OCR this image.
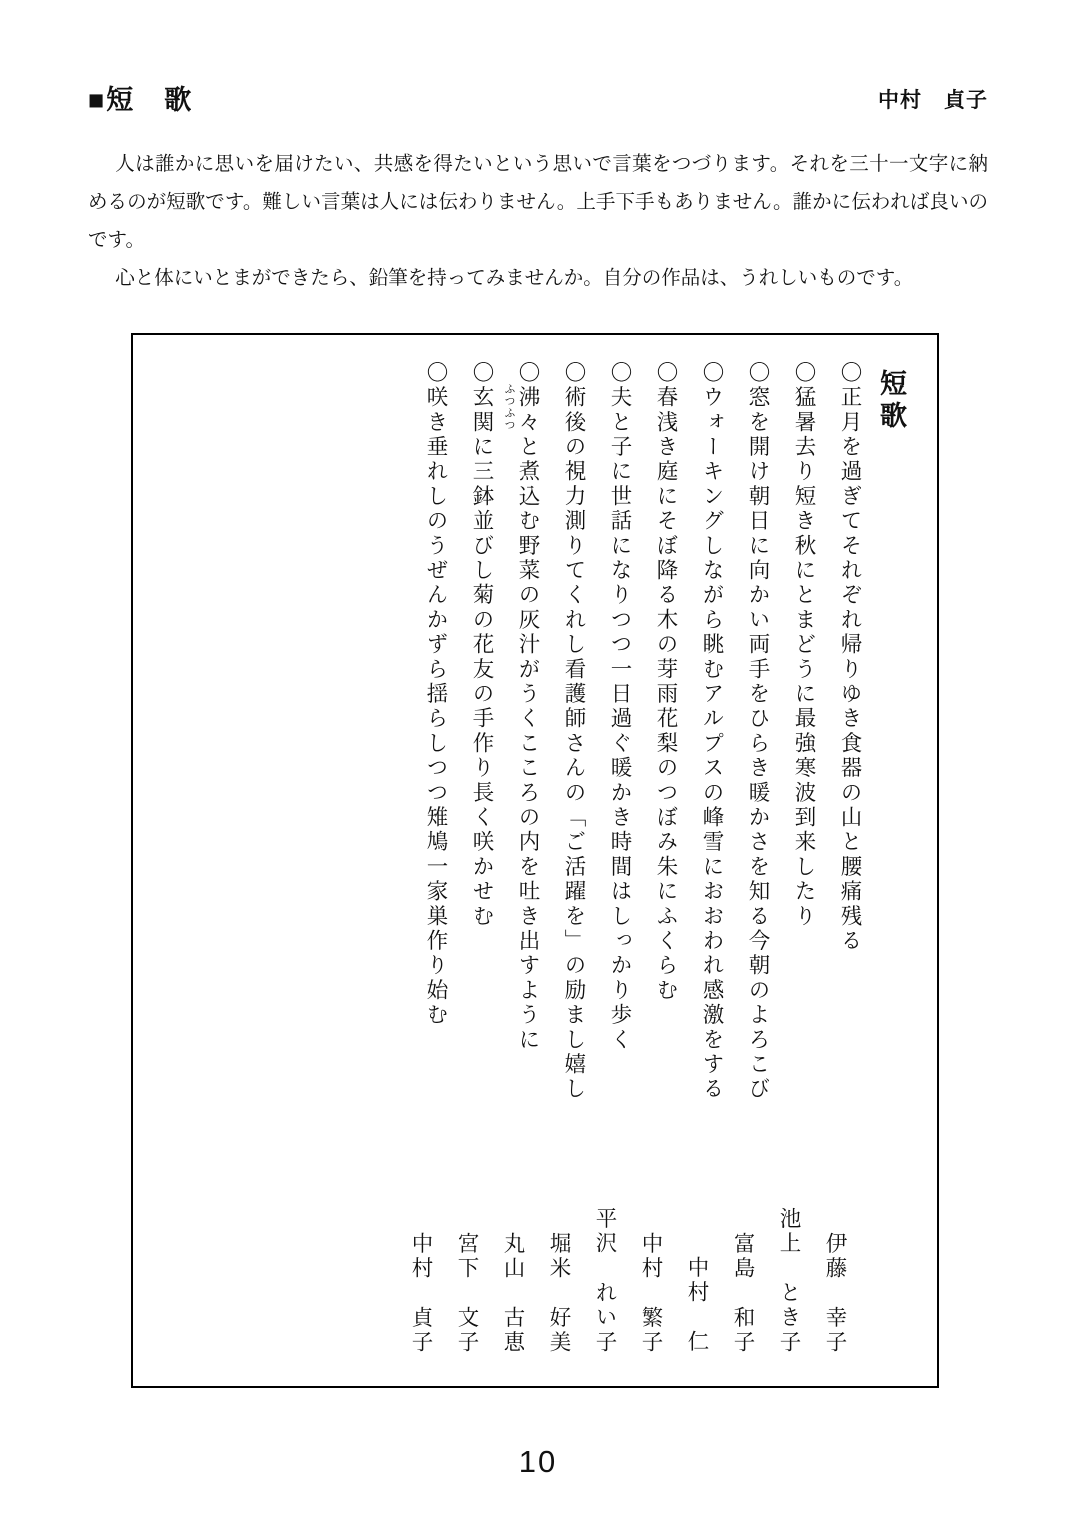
■短　歌	中村　貞子

人は誰かに思いを届けたい、共感を得たいという思いで言葉をつづります。それを三十一文字に納めるのが短歌です。難しい言葉は人には伝わりません。上手下手もありません。誰かに伝われば良いのです。

心と体にいとまができたら、鉛筆を持ってみませんか。自分の作品は、うれしいものです。

短歌
〇正月を過ぎてそれぞれ帰りゆき食器の山と腰痛残る
伊藤　幸子
〇猛暑去り短き秋にとまどうに最強寒波到来したり
池上　とき子
〇窓を開け朝日に向かい両手をひらき暖かさを知る今朝のよろこび
富島　和子
〇ウォーキングしながら眺むアルプスの峰雪におおわれ感激をする
中村　仁
〇春浅き庭にそぼ降る木の芽雨花梨のつぼみ朱にふくらむ
中村　繁子
〇夫と子に世話になりつつ一日過ぐ暖かき時間はしっかり歩く
平沢　れい子
〇術後の視力測りてくれし看護師さんの「ご活躍を」の励まし嬉し
堀米　好美
〇沸々と煮込む野菜の灰汁がうくこころの内を吐き出すように
ふつふつ
丸山　古恵
〇玄関に三鉢並びし菊の花友の手作り長く咲かせむ
宮下　文子
〇咲き垂れしのうぜんかずら揺らしつつ雉鳩一家巣作り始む
中村　貞子
10
